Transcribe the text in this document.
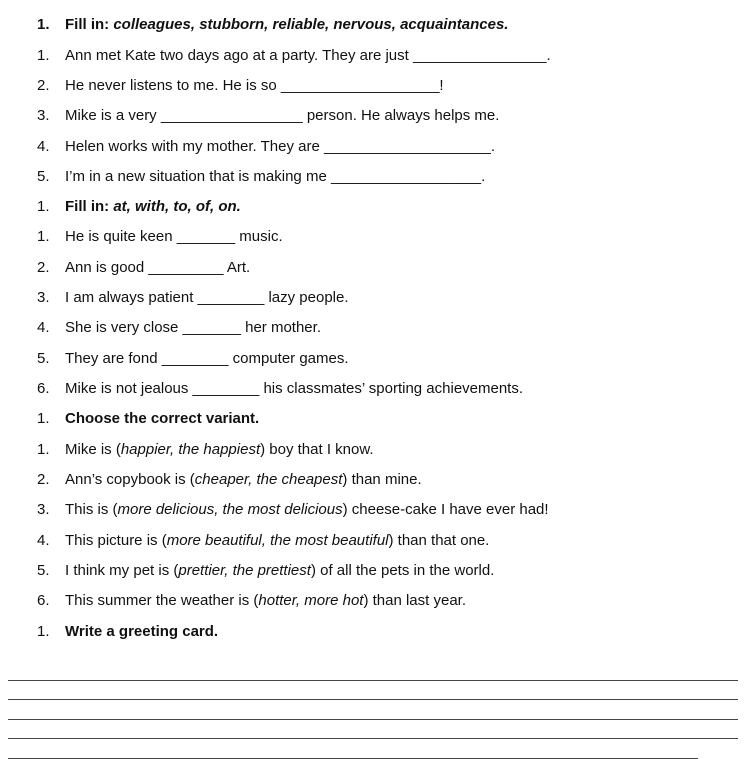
1. Fill in: colleagues, stubborn, reliable, nervous, acquaintances.
1. Ann met Kate two days ago at a party. They are just ________________.
2. He never listens to me. He is so ___________________!
3. Mike is a very _________________ person. He always helps me.
4. Helen works with my mother. They are ____________________.
5. I’m in a new situation that is making me __________________.
1. Fill in: at, with, to, of, on.
1. He is quite keen _______ music.
2. Ann is good _________ Art.
3. I am always patient ________ lazy people.
4. She is very close _______ her mother.
5. They are fond ________ computer games.
6. Mike is not jealous ________ his classmates’ sporting achievements.
1. Choose the correct variant.
1. Mike is (happier, the happiest) boy that I know.
2. Ann’s copybook is (cheaper, the cheapest) than mine.
3. This is (more delicious, the most delicious) cheese-cake I have ever had!
4. This picture is (more beautiful, the most beautiful) than that one.
5. I think my pet is (prettier, the prettiest) of all the pets in the world.
6. This summer the weather is (hotter, more hot) than last year.
1. Write a greeting card.
